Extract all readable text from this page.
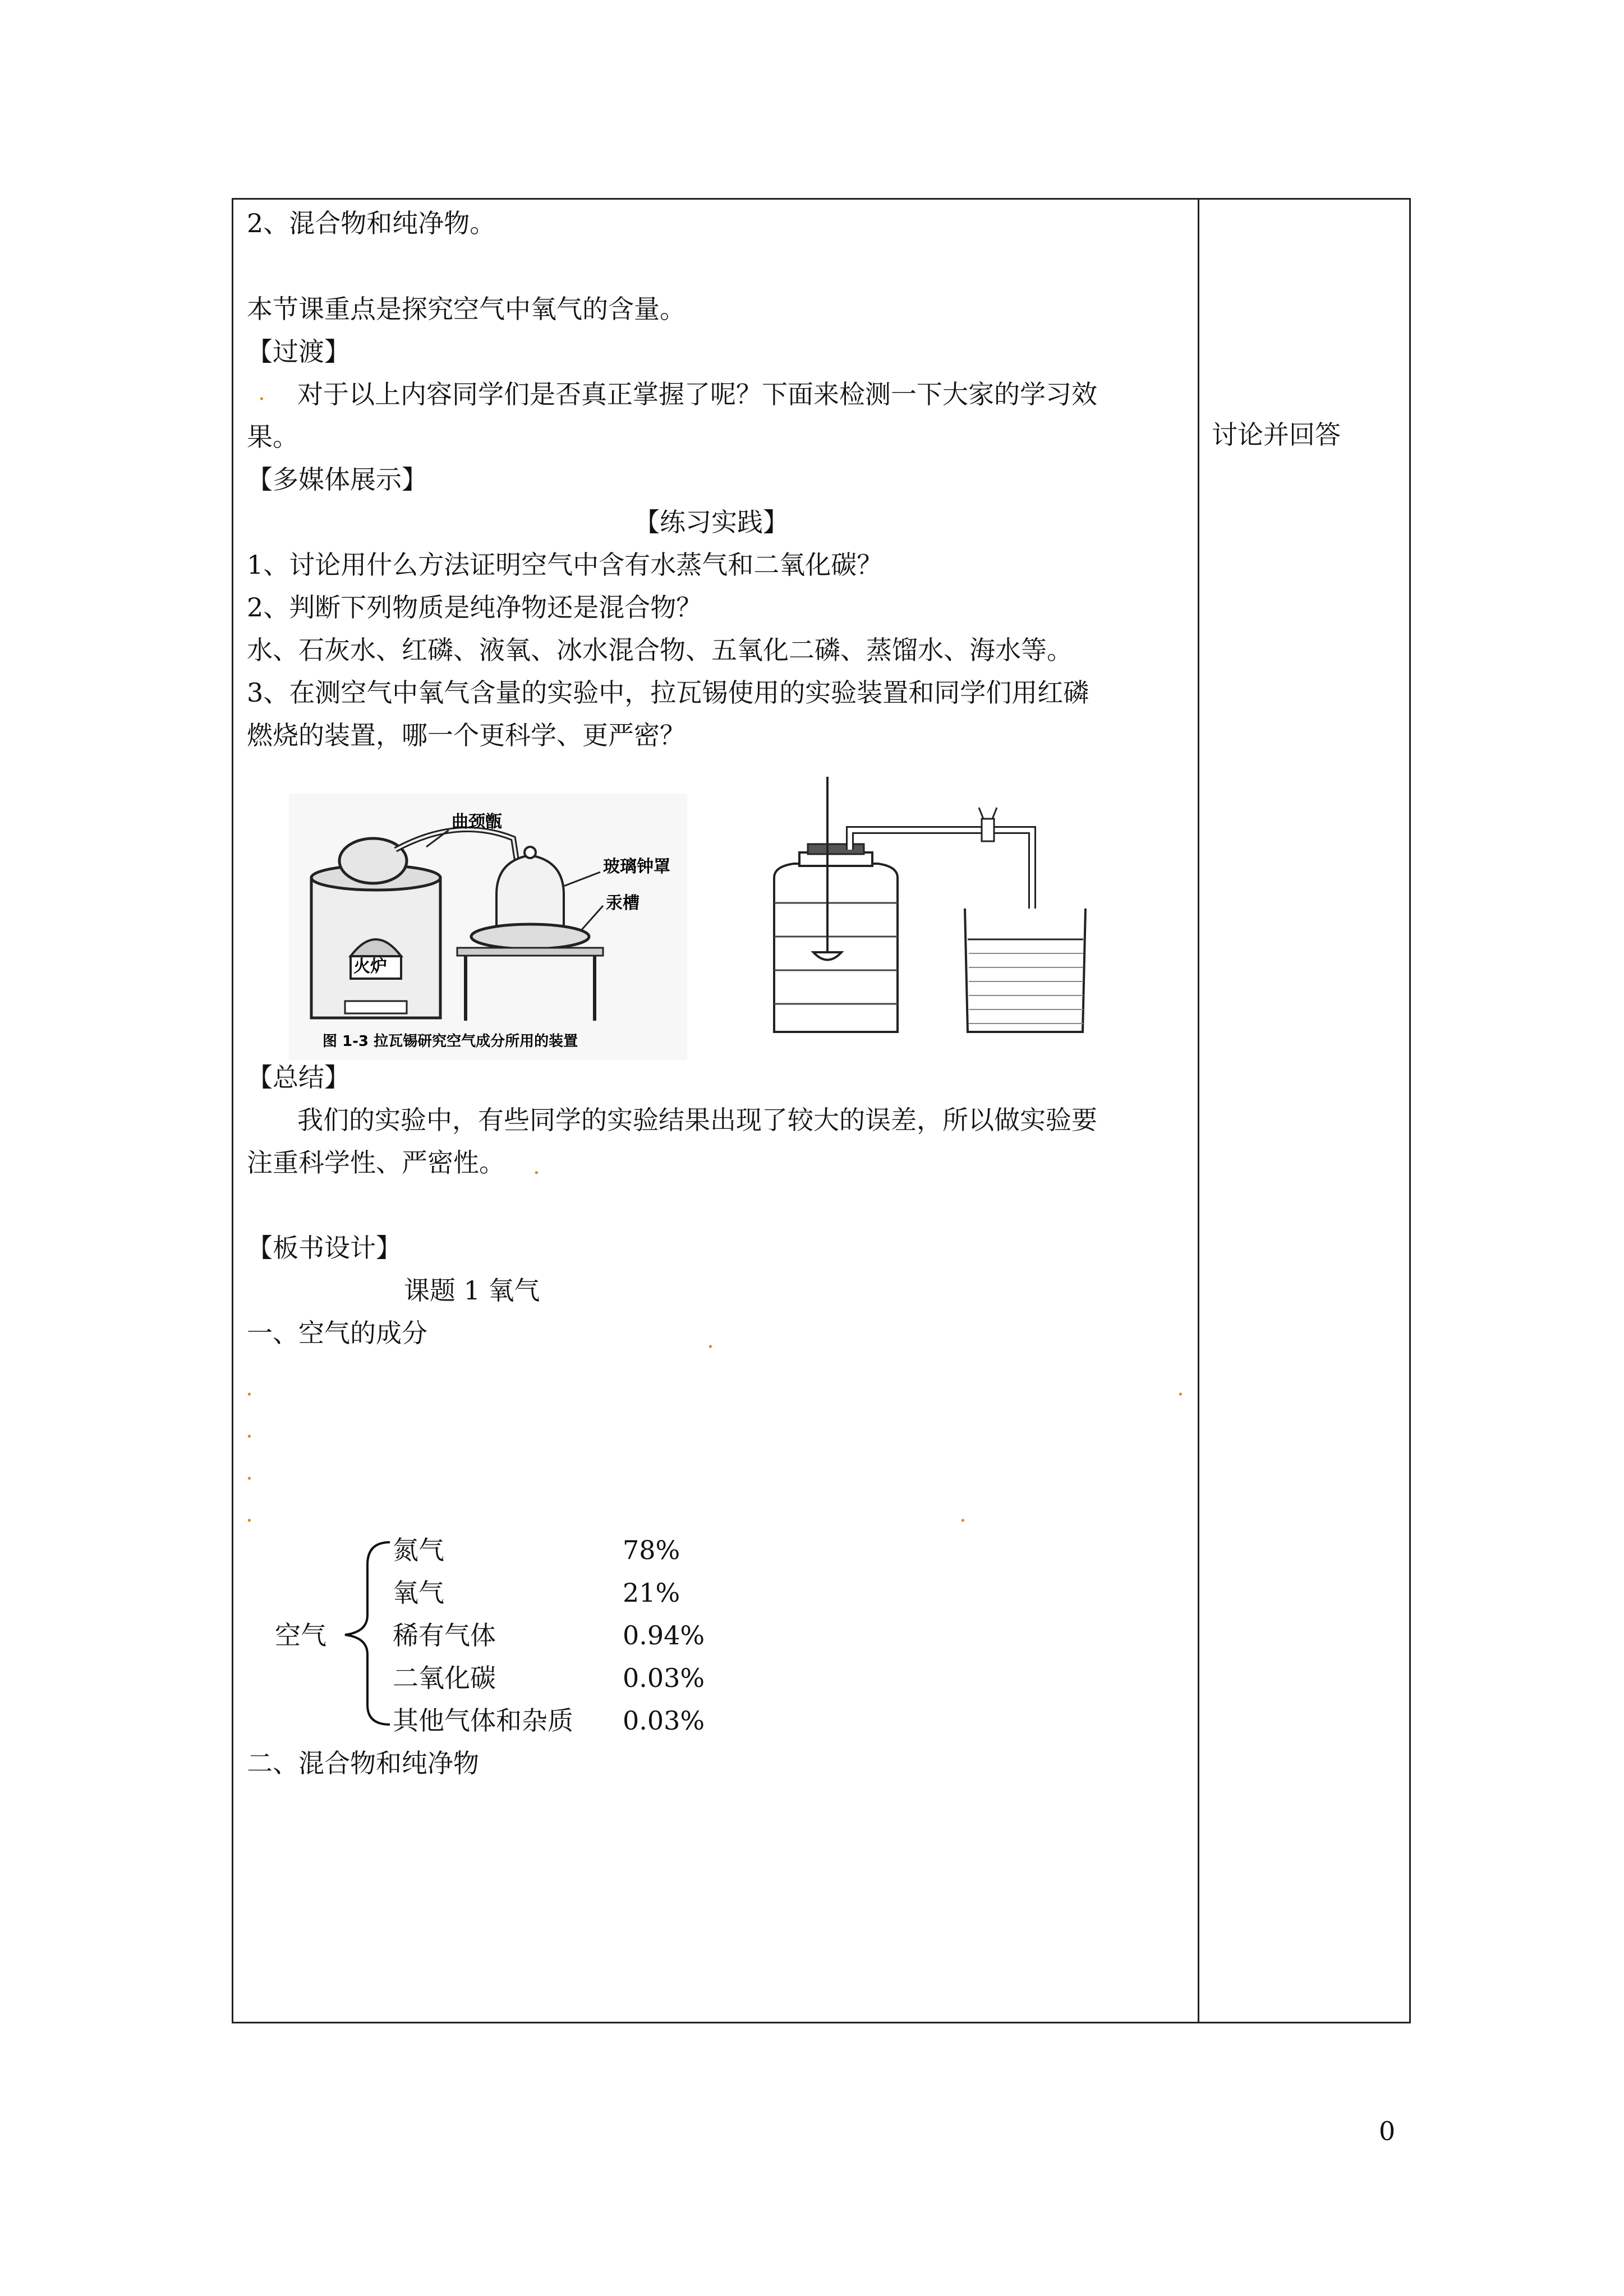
2、混合物和纯净物。
本节课重点是探究空气中氧气的含量。
【过渡】
. 对于以上内容同学们是否真正掌握了呢？下面来检测一下大家的学习效
果。
【多媒体展示】
【练习实践】
1、讨论用什么方法证明空气中含有水蒸气和二氧化碳？
2、判断下列物质是纯净物还是混合物？
水、石灰水、红磷、液氧、冰水混合物、五氧化二磷、蒸馏水、海水等。
3、在测空气中氧气含量的实验中，拉瓦锡使用的实验装置和同学们用红磷
燃烧的装置，哪一个更科学、更严密？
曲颈甑
玻璃钟罩
汞槽
火炉
图 1-3 拉瓦锡研究空气成分所用的装置
【总结】
我们的实验中，有些同学的实验结果出现了较大的误差，所以做实验要
注重科学性、严密性。 .
【板书设计】
课题 1 氧气
一、空气的成分	.
.	.
.
.
.	.
空气
氮气	78%
氧气	21%
稀有气体	0.94%
二氧化碳	0.03%
其他气体和杂质 0.03%
二、混合物和纯净物
讨论并回答
0
